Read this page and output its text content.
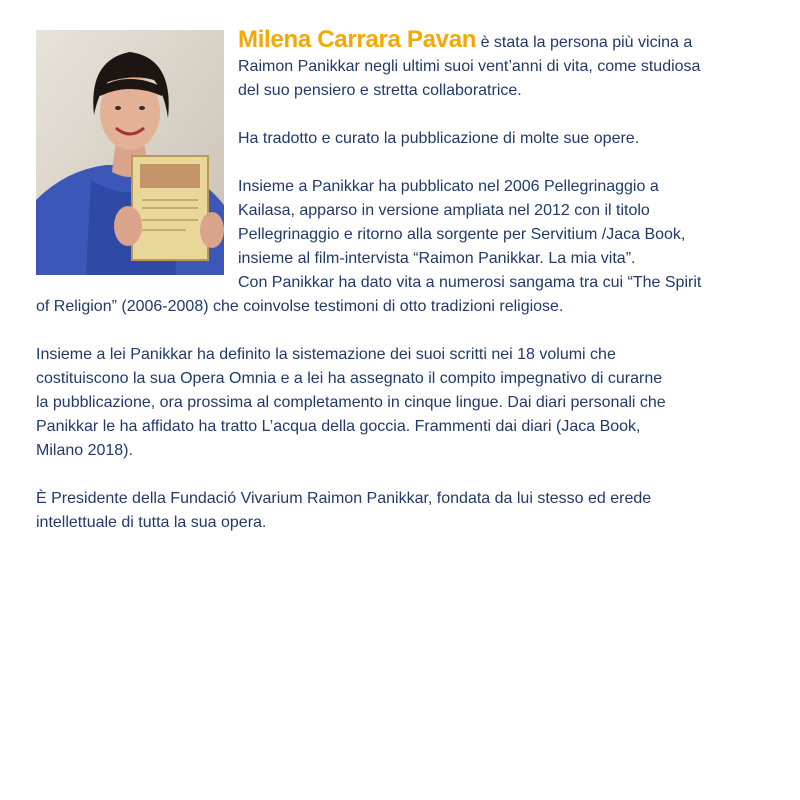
Milena Carrara Pavan è stata la persona più vicina a

Raimon Panikkar negli ultimi suoi vent’anni di vita, come studiosa

del suo pensiero e stretta collaboratrice.

Ha tradotto e curato la pubblicazione di molte sue opere.

Insieme a Panikkar ha pubblicato nel 2006 Pellegrinaggio a

Kailasa, apparso in versione ampliata nel 2012 con il titolo

Pellegrinaggio e ritorno alla sorgente per Servitium /Jaca Book,

insieme al film-intervista “Raimon Panikkar. La mia vita”.

Con Panikkar ha dato vita a numerosi sangama tra cui “The Spirit

of Religion” (2006-2008) che coinvolse testimoni di otto tradizioni religiose.

Insieme a lei Panikkar ha definito la sistemazione dei suoi scritti nei 18 volumi che

costituiscono la sua Opera Omnia e a lei ha assegnato il compito impegnativo di curarne

la pubblicazione, ora prossima al completamento in cinque lingue. Dai diari personali che

Panikkar le ha affidato ha tratto L’acqua della goccia. Frammenti dai diari (Jaca Book,

Milano 2018).

È Presidente della Fundació Vivarium Raimon Panikkar, fondata da lui stesso ed erede

intellettuale di tutta la sua opera.
